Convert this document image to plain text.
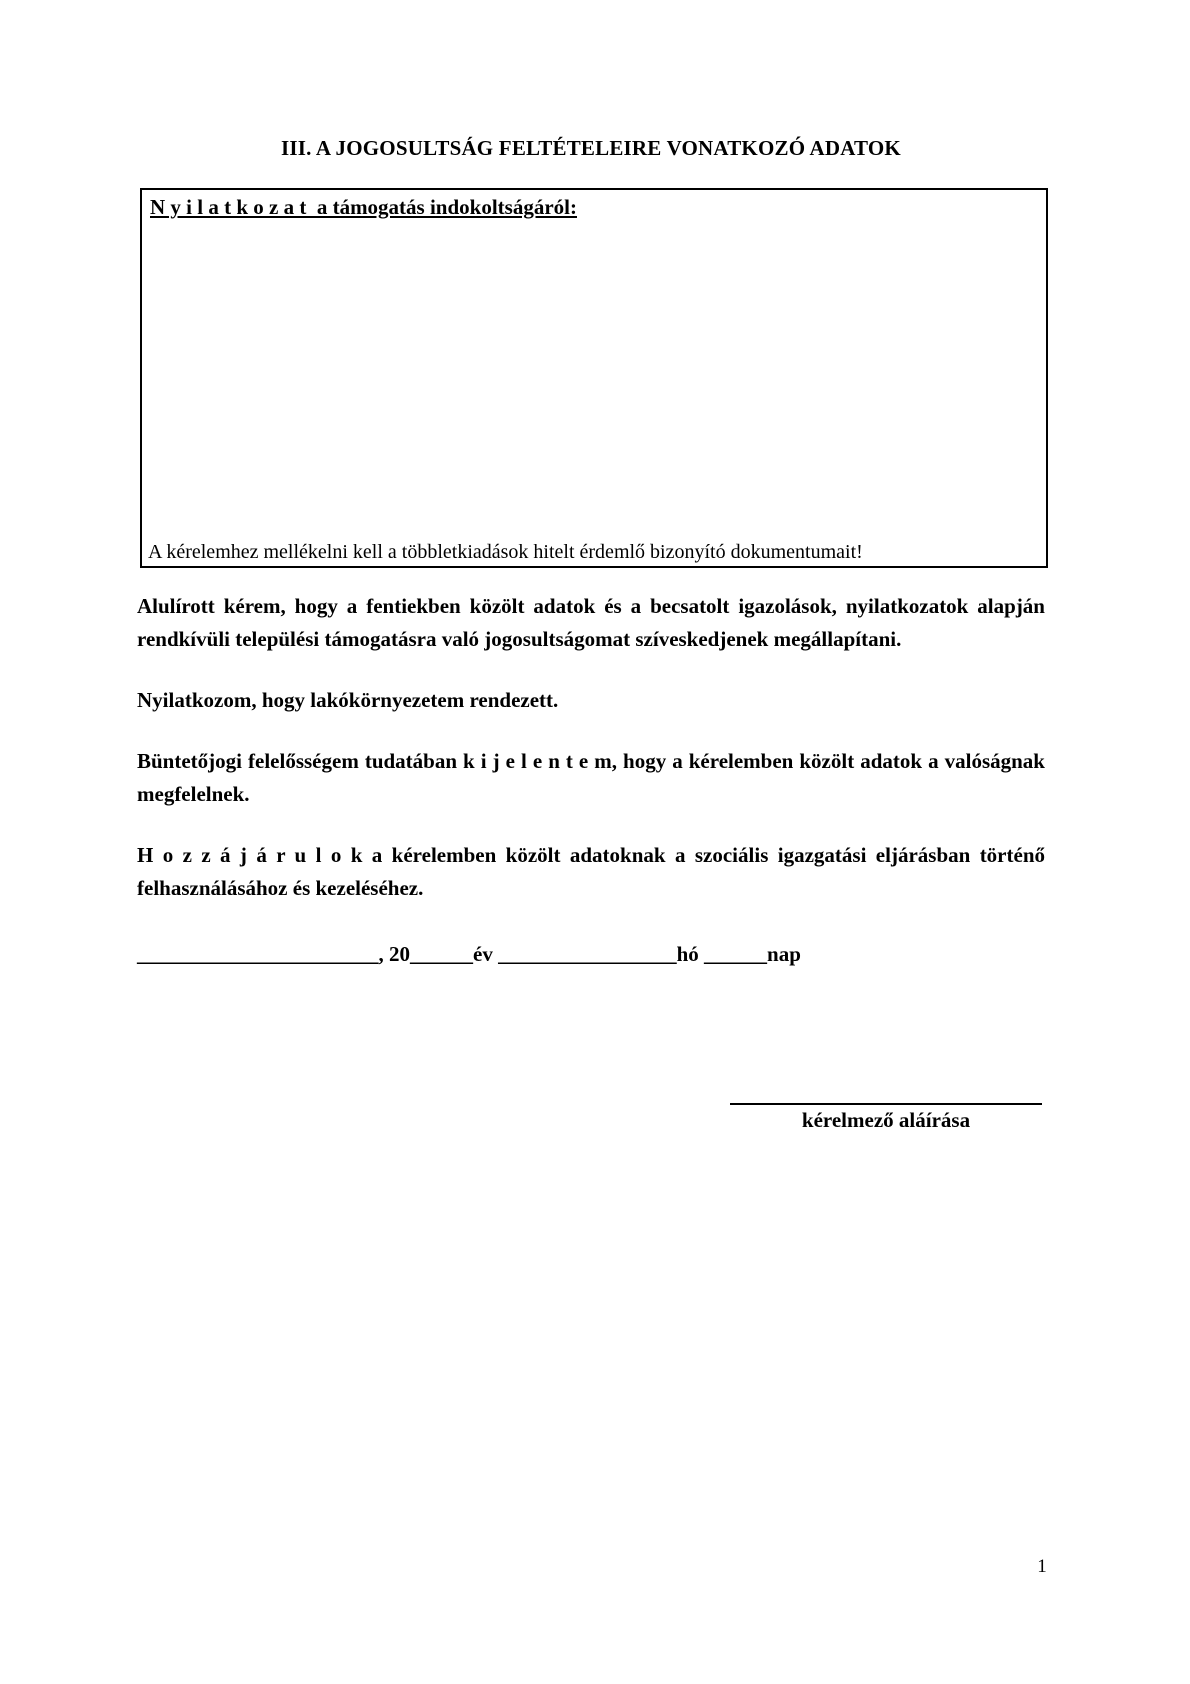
III. A JOGOSULTSÁG FELTÉTELEIRE VONATKOZÓ ADATOK
N y i l a t k o z a t  a támogatás indokoltságáról:
A kérelemhez mellékelni kell a többletkiadások hitelt érdemlő bizonyító dokumentumait!

Alulírott kérem, hogy a fentiekben közölt adatok és a becsatolt igazolások, nyilatkozatok alapján rendkívüli települési támogatásra való jogosultságomat szíveskedjenek megállapítani.

Nyilatkozom, hogy lakókörnyezetem rendezett.

Büntetőjogi felelősségem tudatában k i j e l e n t e m, hogy a kérelemben közölt adatok a valóságnak megfelelnek.

H o z z á j á r u l o k a kérelemben közölt adatoknak a szociális igazgatási eljárásban történő felhasználásához és kezeléséhez.

_______________________, 20______év _________________hó ______nap
kérelmező aláírása
1
